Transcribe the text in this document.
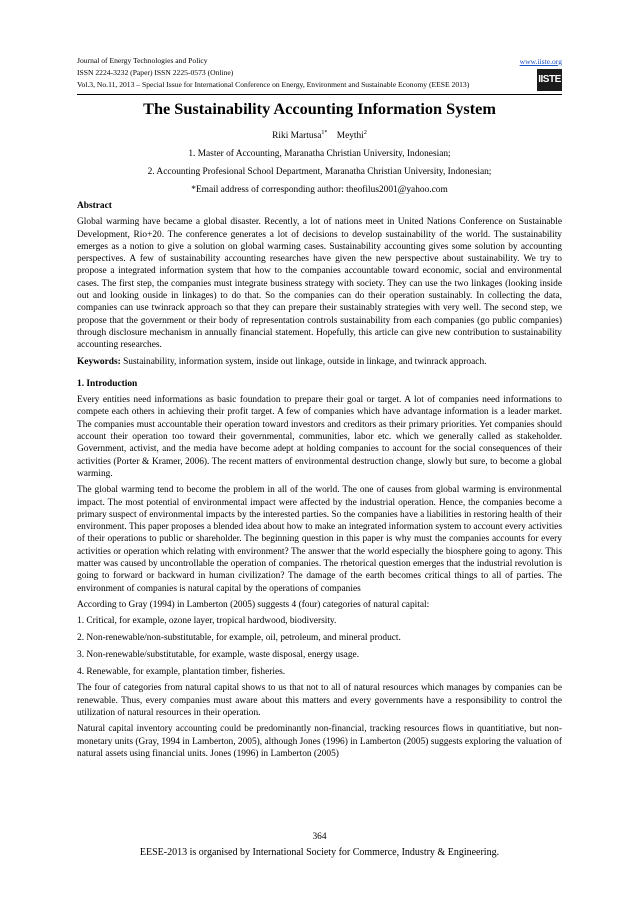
Journal of Energy Technologies and Policy	www.iiste.org
ISSN 2224-3232 (Paper) ISSN 2225-0573 (Online)
Vol.3, No.11, 2013 – Special Issue for International Conference on Energy, Environment and Sustainable Economy (EESE 2013)	IISTE
The Sustainability Accounting Information System
Riki Martusa$^{1*}$ Meythi$^2$
1. Master of Accounting, Maranatha Christian University, Indonesian;
2. Accounting Profesional School Department, Maranatha Christian University, Indonesian;
*Email address of corresponding author: theofilus2001@yahoo.com
Abstract

Global warming have became a global disaster. Recently, a lot of nations meet in United Nations Conference on Sustainable Development, Rio+20. The conference generates a lot of decisions to develop sustainability of the world. The sustainability emerges as a notion to give a solution on global warming cases. Sustainability accounting gives some solution by accounting perspectives. A few of sustainability accounting researches have given the new perspective about sustainability. We try to propose a integrated information system that how to the companies accountable toward economic, social and environmental cases. The first step, the companies must integrate business strategy with society. They can use the two linkages (looking inside out and looking ouside in linkages) to do that. So the companies can do their operation sustainably. In collecting the data, companies can use twinrack approach so that they can prepare their sustainably strategies with very well. The second step, we propose that the government or their body of representation controls sustainability from each companies (go public companies) through disclosure mechanism in annually financial statement. Hopefully, this article can give new contribution to sustainability accounting researches.

Keywords: Sustainability, information system, inside out linkage, outside in linkage, and twinrack approach.

1. Introduction

Every entities need informations as basic foundation to prepare their goal or target. A lot of companies need informations to compete each others in achieving their profit target. A few of companies which have advantage information is a leader market. The companies must accountable their operation toward investors and creditors as their primary priorities. Yet companies should account their operation too toward their governmental, communities, labor etc. which we generally called as stakeholder. Government, activist, and the media have become adept at holding companies to account for the social consequences of their activities (Porter & Kramer, 2006). The recent matters of environmental destruction change, slowly but sure, to become a global warming.

The global warming tend to become the problem in all of the world. The one of causes from global warming is environmental impact. The most potential of environmental impact were affected by the industrial operation. Hence, the companies become a primary suspect of environmental impacts by the interested parties. So the companies have a liabilities in restoring health of their environment. This paper proposes a blended idea about how to make an integrated information system to account every activities of their operations to public or shareholder. The beginning question in this paper is why must the companies accounts for every activities or operation which relating with environment? The answer that the world especially the biosphere going to agony. This matter was caused by uncontrollable the operation of companies. The rhetorical question emerges that the industrial revolution is going to forward or backward in human civilization? The damage of the earth becomes critical things to all of parties. The environment of companies is natural capital by the operations of companies

According to Gray (1994) in Lamberton (2005) suggests 4 (four) categories of natural capital:

1. Critical, for example, ozone layer, tropical hardwood, biodiversity.
2. Non-renewable/non-substitutable, for example, oil, petroleum, and mineral product.
3. Non-renewable/substitutable, for example, waste disposal, energy usage.
4. Renewable, for example, plantation timber, fisheries.

The four of categories from natural capital shows to us that not to all of natural resources which manages by companies can be renewable. Thus, every companies must aware about this matters and every governments have a responsibility to control the utilization of natural resources in their operation.

Natural capital inventory accounting could be predominantly non-financial, tracking resources flows in quantitiative, but non-monetary units (Gray, 1994 in Lamberton, 2005), although Jones (1996) in Lamberton (2005) suggests exploring the valuation of natural assets using financial units. Jones (1996) in Lamberton (2005)

364
EESE-2013 is organised by International Society for Commerce, Industry & Engineering.
